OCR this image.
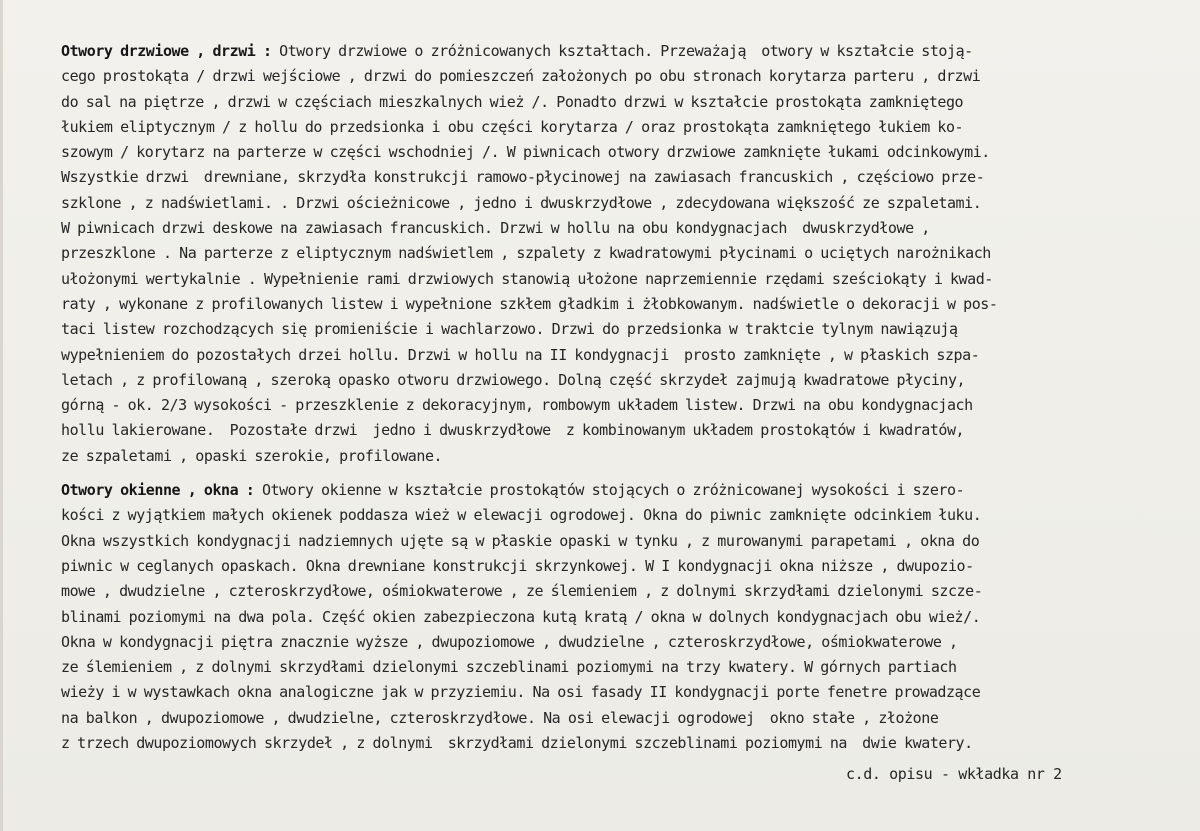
Otwory drzwiowe , drzwi : Otwory drzwiowe o zróżnicowanych kształtach. Przeważają  otwory w kształcie stoją-
cego prostokąta / drzwi wejściowe , drzwi do pomieszczeń założonych po obu stronach korytarza parteru , drzwi
do sal na piętrze , drzwi w częściach mieszkalnych wież /. Ponadto drzwi w kształcie prostokąta zamkniętego
łukiem eliptycznym / z hollu do przedsionka i obu części korytarza / oraz prostokąta zamkniętego łukiem ko-
szowym / korytarz na parterze w części wschodniej /. W piwnicach otwory drzwiowe zamknięte łukami odcinkowymi.
Wszystkie drzwi  drewniane, skrzydła konstrukcji ramowo-płycinowej na zawiasach francuskich , częściowo prze-
szklone , z nadświetlami. . Drzwi ościeżnicowe , jedno i dwuskrzydłowe , zdecydowana większość ze szpaletami.
W piwnicach drzwi deskowe na zawiasach francuskich. Drzwi w hollu na obu kondygnacjach  dwuskrzydłowe ,
przeszklone . Na parterze z eliptycznym nadświetlem , szpalety z kwadratowymi płycinami o uciętych narożnikach
ułożonymi wertykalnie . Wypełnienie rami drzwiowych stanowią ułożone naprzemiennie rzędami sześciokąty i kwad-
raty , wykonane z profilowanych listew i wypełnione szkłem gładkim i żłobkowanym. nadświetle o dekoracji w pos-
taci listew rozchodzących się promieniście i wachlarzowo. Drzwi do przedsionka w traktcie tylnym nawiązują
wypełnieniem do pozostałych drzei hollu. Drzwi w hollu na II kondygnacji  prosto zamknięte , w płaskich szpa-
letach , z profilowaną , szeroką opasko otworu drzwiowego. Dolną część skrzydeł zajmują kwadratowe płyciny,
górną - ok. 2/3 wysokości - przeszklenie z dekoracyjnym, rombowym układem listew. Drzwi na obu kondygnacjach
hollu lakierowane.  Pozostałe drzwi  jedno i dwuskrzydłowe  z kombinowanym układem prostokątów i kwadratów,
ze szpaletami , opaski szerokie, profilowane.
Otwory okienne , okna : Otwory okienne w kształcie prostokątów stojących o zróżnicowanej wysokości i szero-
kości z wyjątkiem małych okienek poddasza wież w elewacji ogrodowej. Okna do piwnic zamknięte odcinkiem łuku.
Okna wszystkich kondygnacji nadziemnych ujęte są w płaskie opaski w tynku , z murowanymi parapetami , okna do
piwnic w ceglanych opaskach. Okna drewniane konstrukcji skrzynkowej. W I kondygnacji okna niższe , dwupozio-
mowe , dwudzielne , czteroskrzydłowe, ośmiokwaterowe , ze ślemieniem , z dolnymi skrzydłami dzielonymi szcze-
blinami poziomymi na dwa pola. Część okien zabezpieczona kutą kratą / okna w dolnych kondygnacjach obu wież/.
Okna w kondygnacji piętra znacznie wyższe , dwupoziomowe , dwudzielne , czteroskrzydłowe, ośmiokwaterowe ,
ze ślemieniem , z dolnymi skrzydłami dzielonymi szczeblinami poziomymi na trzy kwatery. W górnych partiach
wieży i w wystawkach okna analogiczne jak w przyziemiu. Na osi fasady II kondygnacji porte fenetre prowadzące
na balkon , dwupoziomowe , dwudzielne, czteroskrzydłowe. Na osi elewacji ogrodowej  okno stałe , złożone
z trzech dwupoziomowych skrzydeł , z dolnymi  skrzydłami dzielonymi szczeblinami poziomymi na  dwie kwatery.
c.d. opisu - wkładka nr 2
